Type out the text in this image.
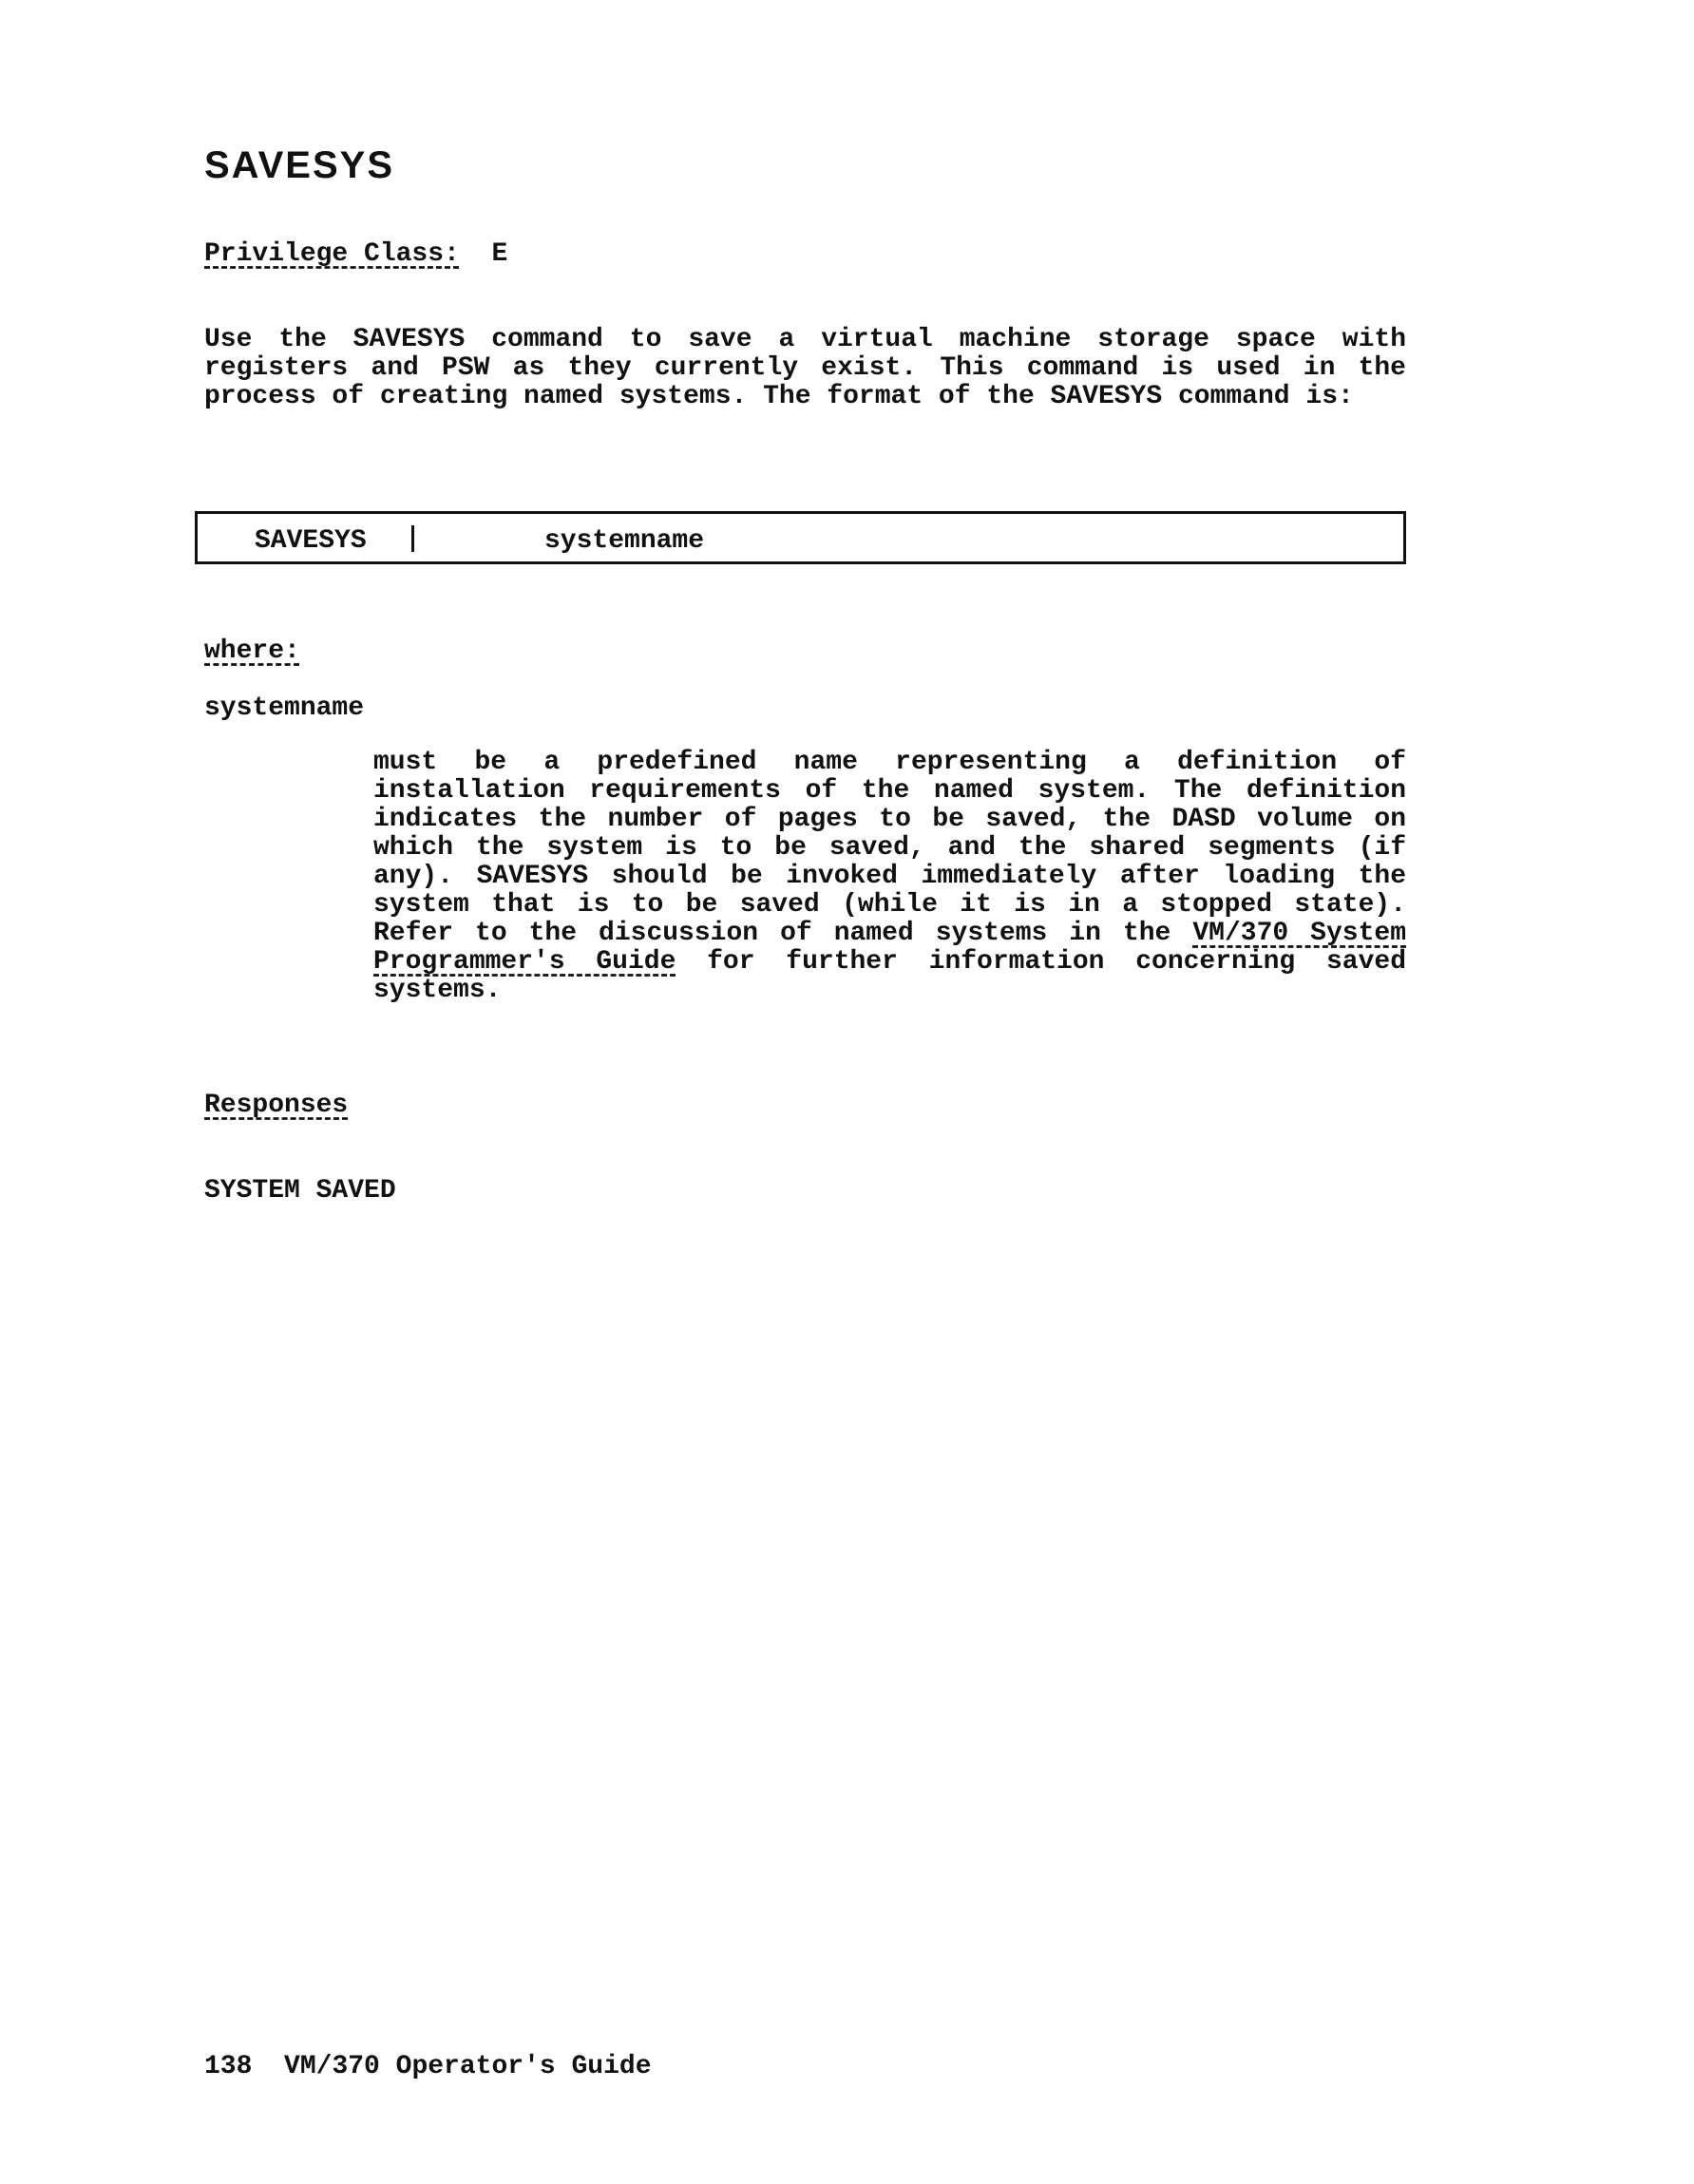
SAVESYS
Privilege Class: E

Use the SAVESYS command to save a virtual machine storage space with registers and PSW as they currently exist. This command is used in the process of creating named systems. The format of the SAVESYS command is:

SAVESYS	systemname
where:
systemname

must be a predefined name representing a definition of installation requirements of the named system. The definition indicates the number of pages to be saved, the DASD volume on which the system is to be saved, and the shared segments (if any). SAVESYS should be invoked immediately after loading the system that is to be saved (while it is in a stopped state). Refer to the discussion of named systems in the VM/370 System Programmer's Guide for further information concerning saved systems.

Responses
SYSTEM SAVED
138 VM/370 Operator's Guide
